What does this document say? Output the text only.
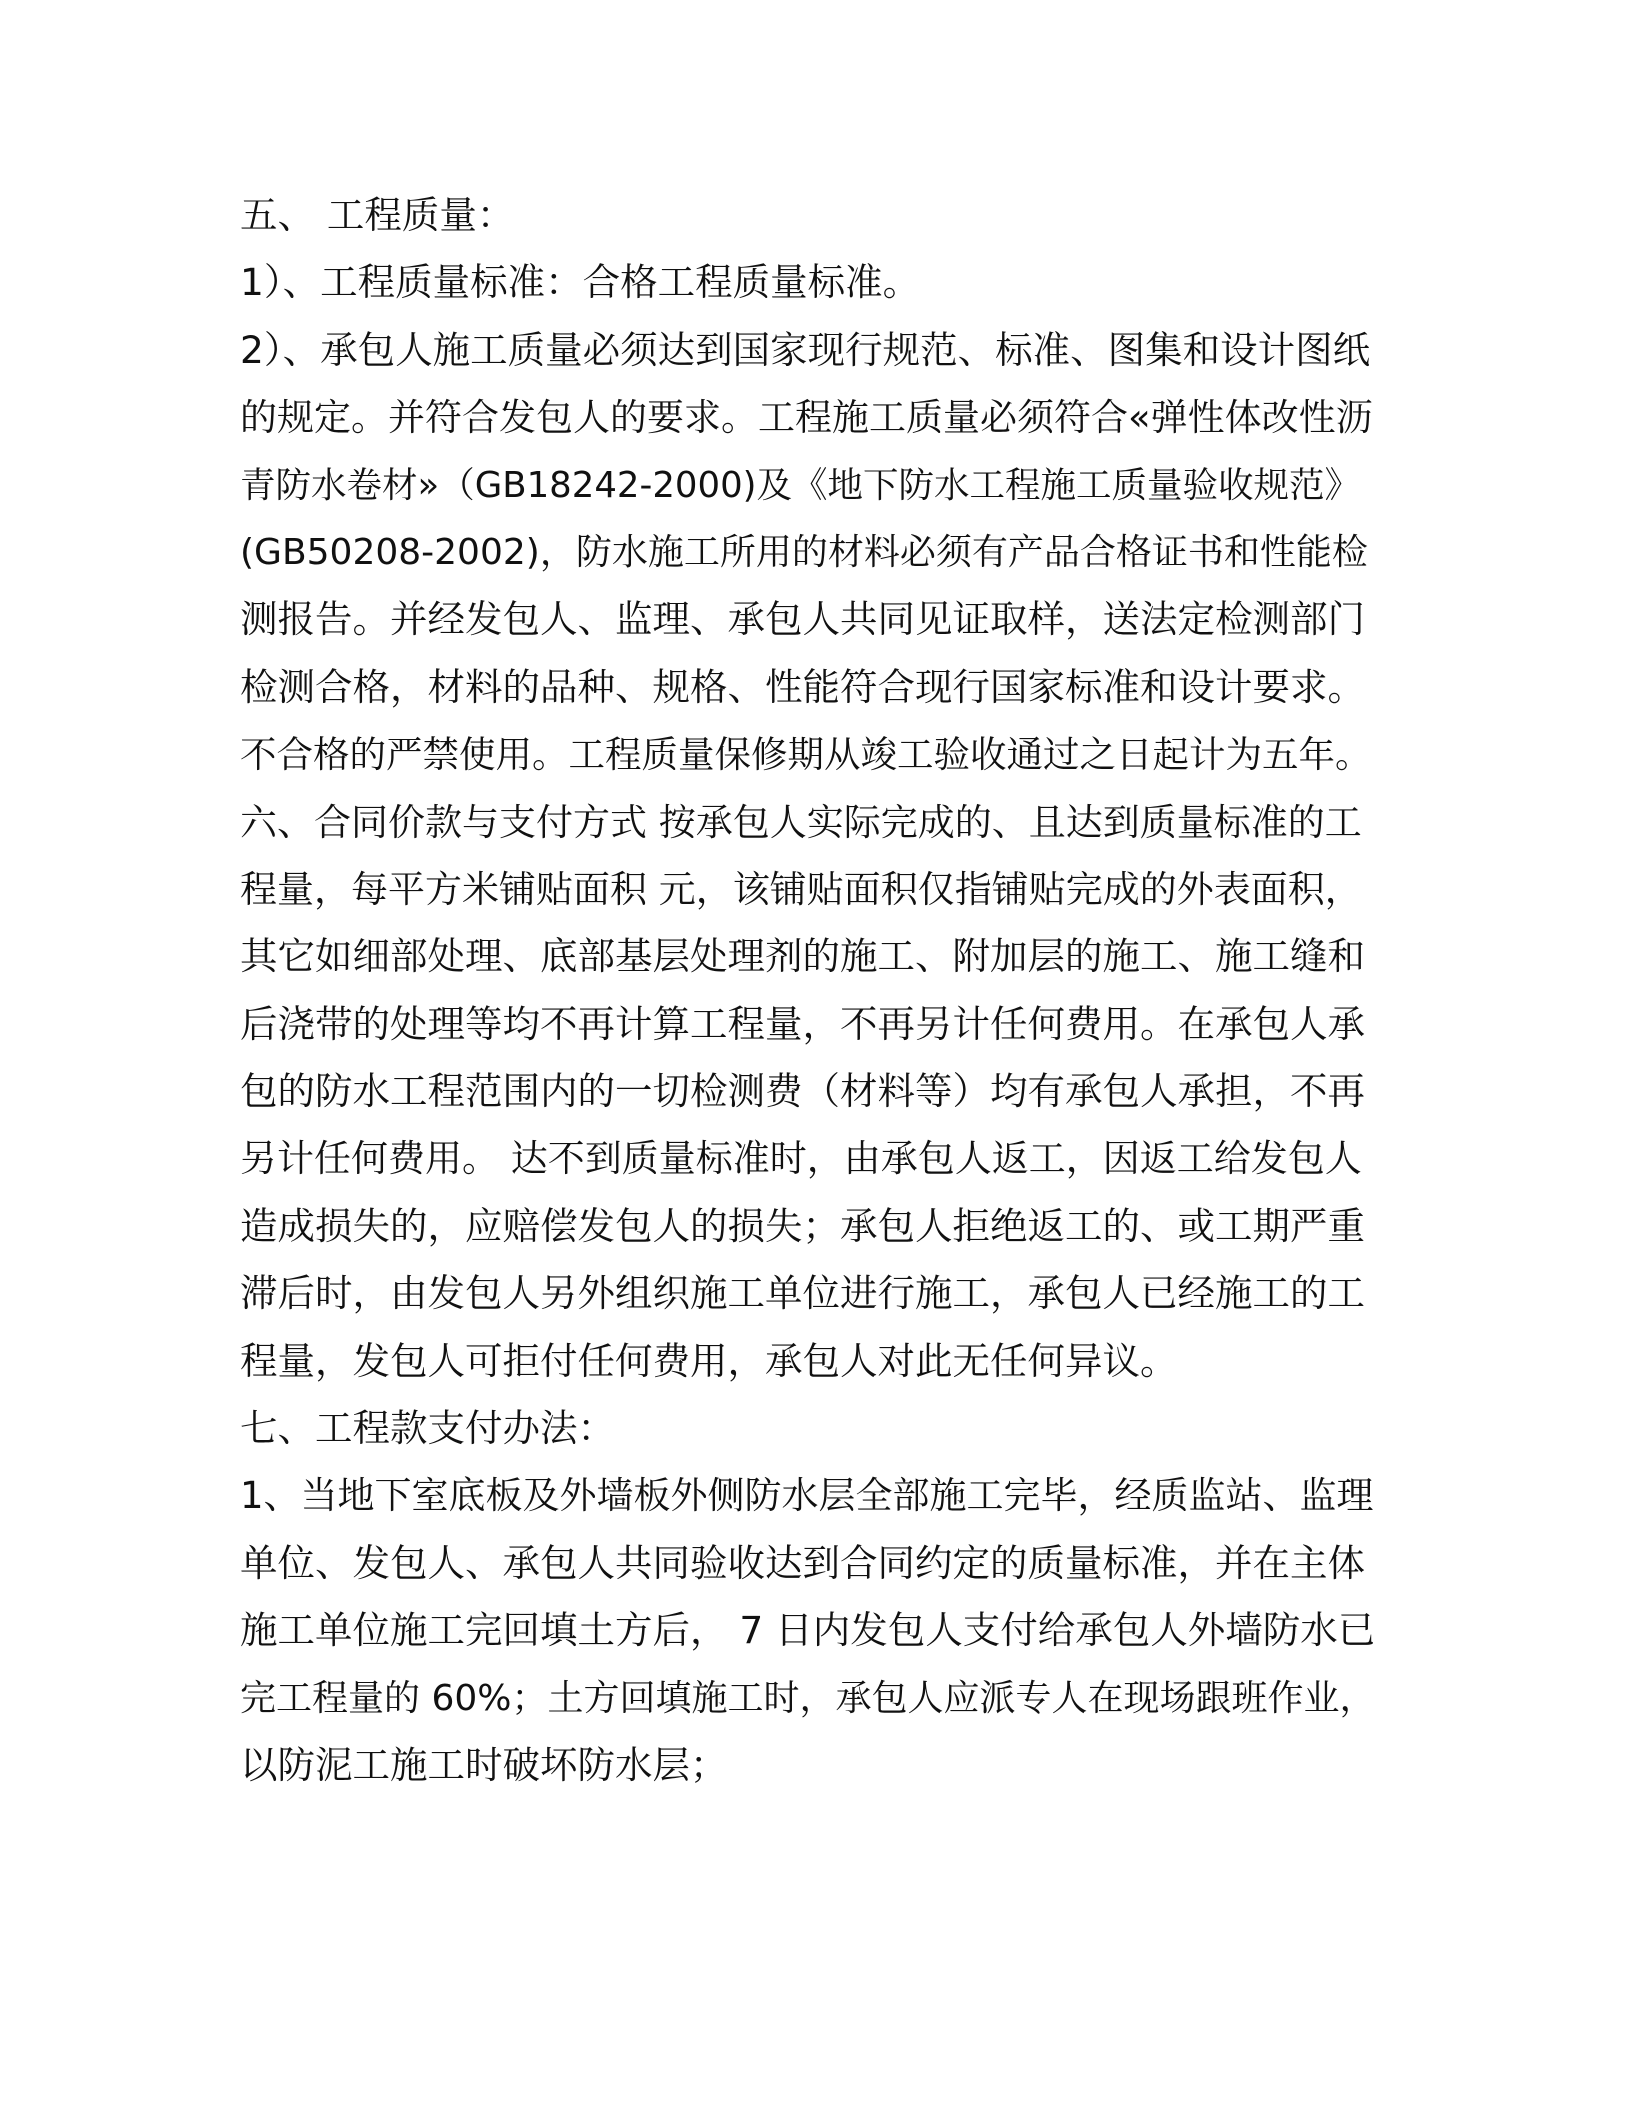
五、 工程质量：
1）、工程质量标准：合格工程质量标准。
2）、承包人施工质量必须达到国家现行规范、标准、图集和设计图纸
的规定。并符合发包人的要求。工程施工质量必须符合«弹性体改性沥
青防水卷材»（GB18242-2000)及《地下防水工程施工质量验收规范》
(GB50208-2002)，防水施工所用的材料必须有产品合格证书和性能检
测报告。并经发包人、监理、承包人共同见证取样，送法定检测部门
检测合格，材料的品种、规格、性能符合现行国家标准和设计要求。
不合格的严禁使用。工程质量保修期从竣工验收通过之日起计为五年。
六、合同价款与支付方式 按承包人实际完成的、且达到质量标准的工
程量，每平方米铺贴面积 元，该铺贴面积仅指铺贴完成的外表面积，
其它如细部处理、底部基层处理剂的施工、附加层的施工、施工缝和
后浇带的处理等均不再计算工程量，不再另计任何费用。在承包人承
包的防水工程范围内的一切检测费（材料等）均有承包人承担，不再
另计任何费用。 达不到质量标准时，由承包人返工，因返工给发包人
造成损失的，应赔偿发包人的损失；承包人拒绝返工的、或工期严重
滞后时，由发包人另外组织施工单位进行施工，承包人已经施工的工
程量，发包人可拒付任何费用，承包人对此无任何异议。
七、工程款支付办法：
1、当地下室底板及外墙板外侧防水层全部施工完毕，经质监站、监理
单位、发包人、承包人共同验收达到合同约定的质量标准，并在主体
施工单位施工完回填土方后， 7 日内发包人支付给承包人外墙防水已
完工程量的 60%；土方回填施工时，承包人应派专人在现场跟班作业，
以防泥工施工时破坏防水层；
